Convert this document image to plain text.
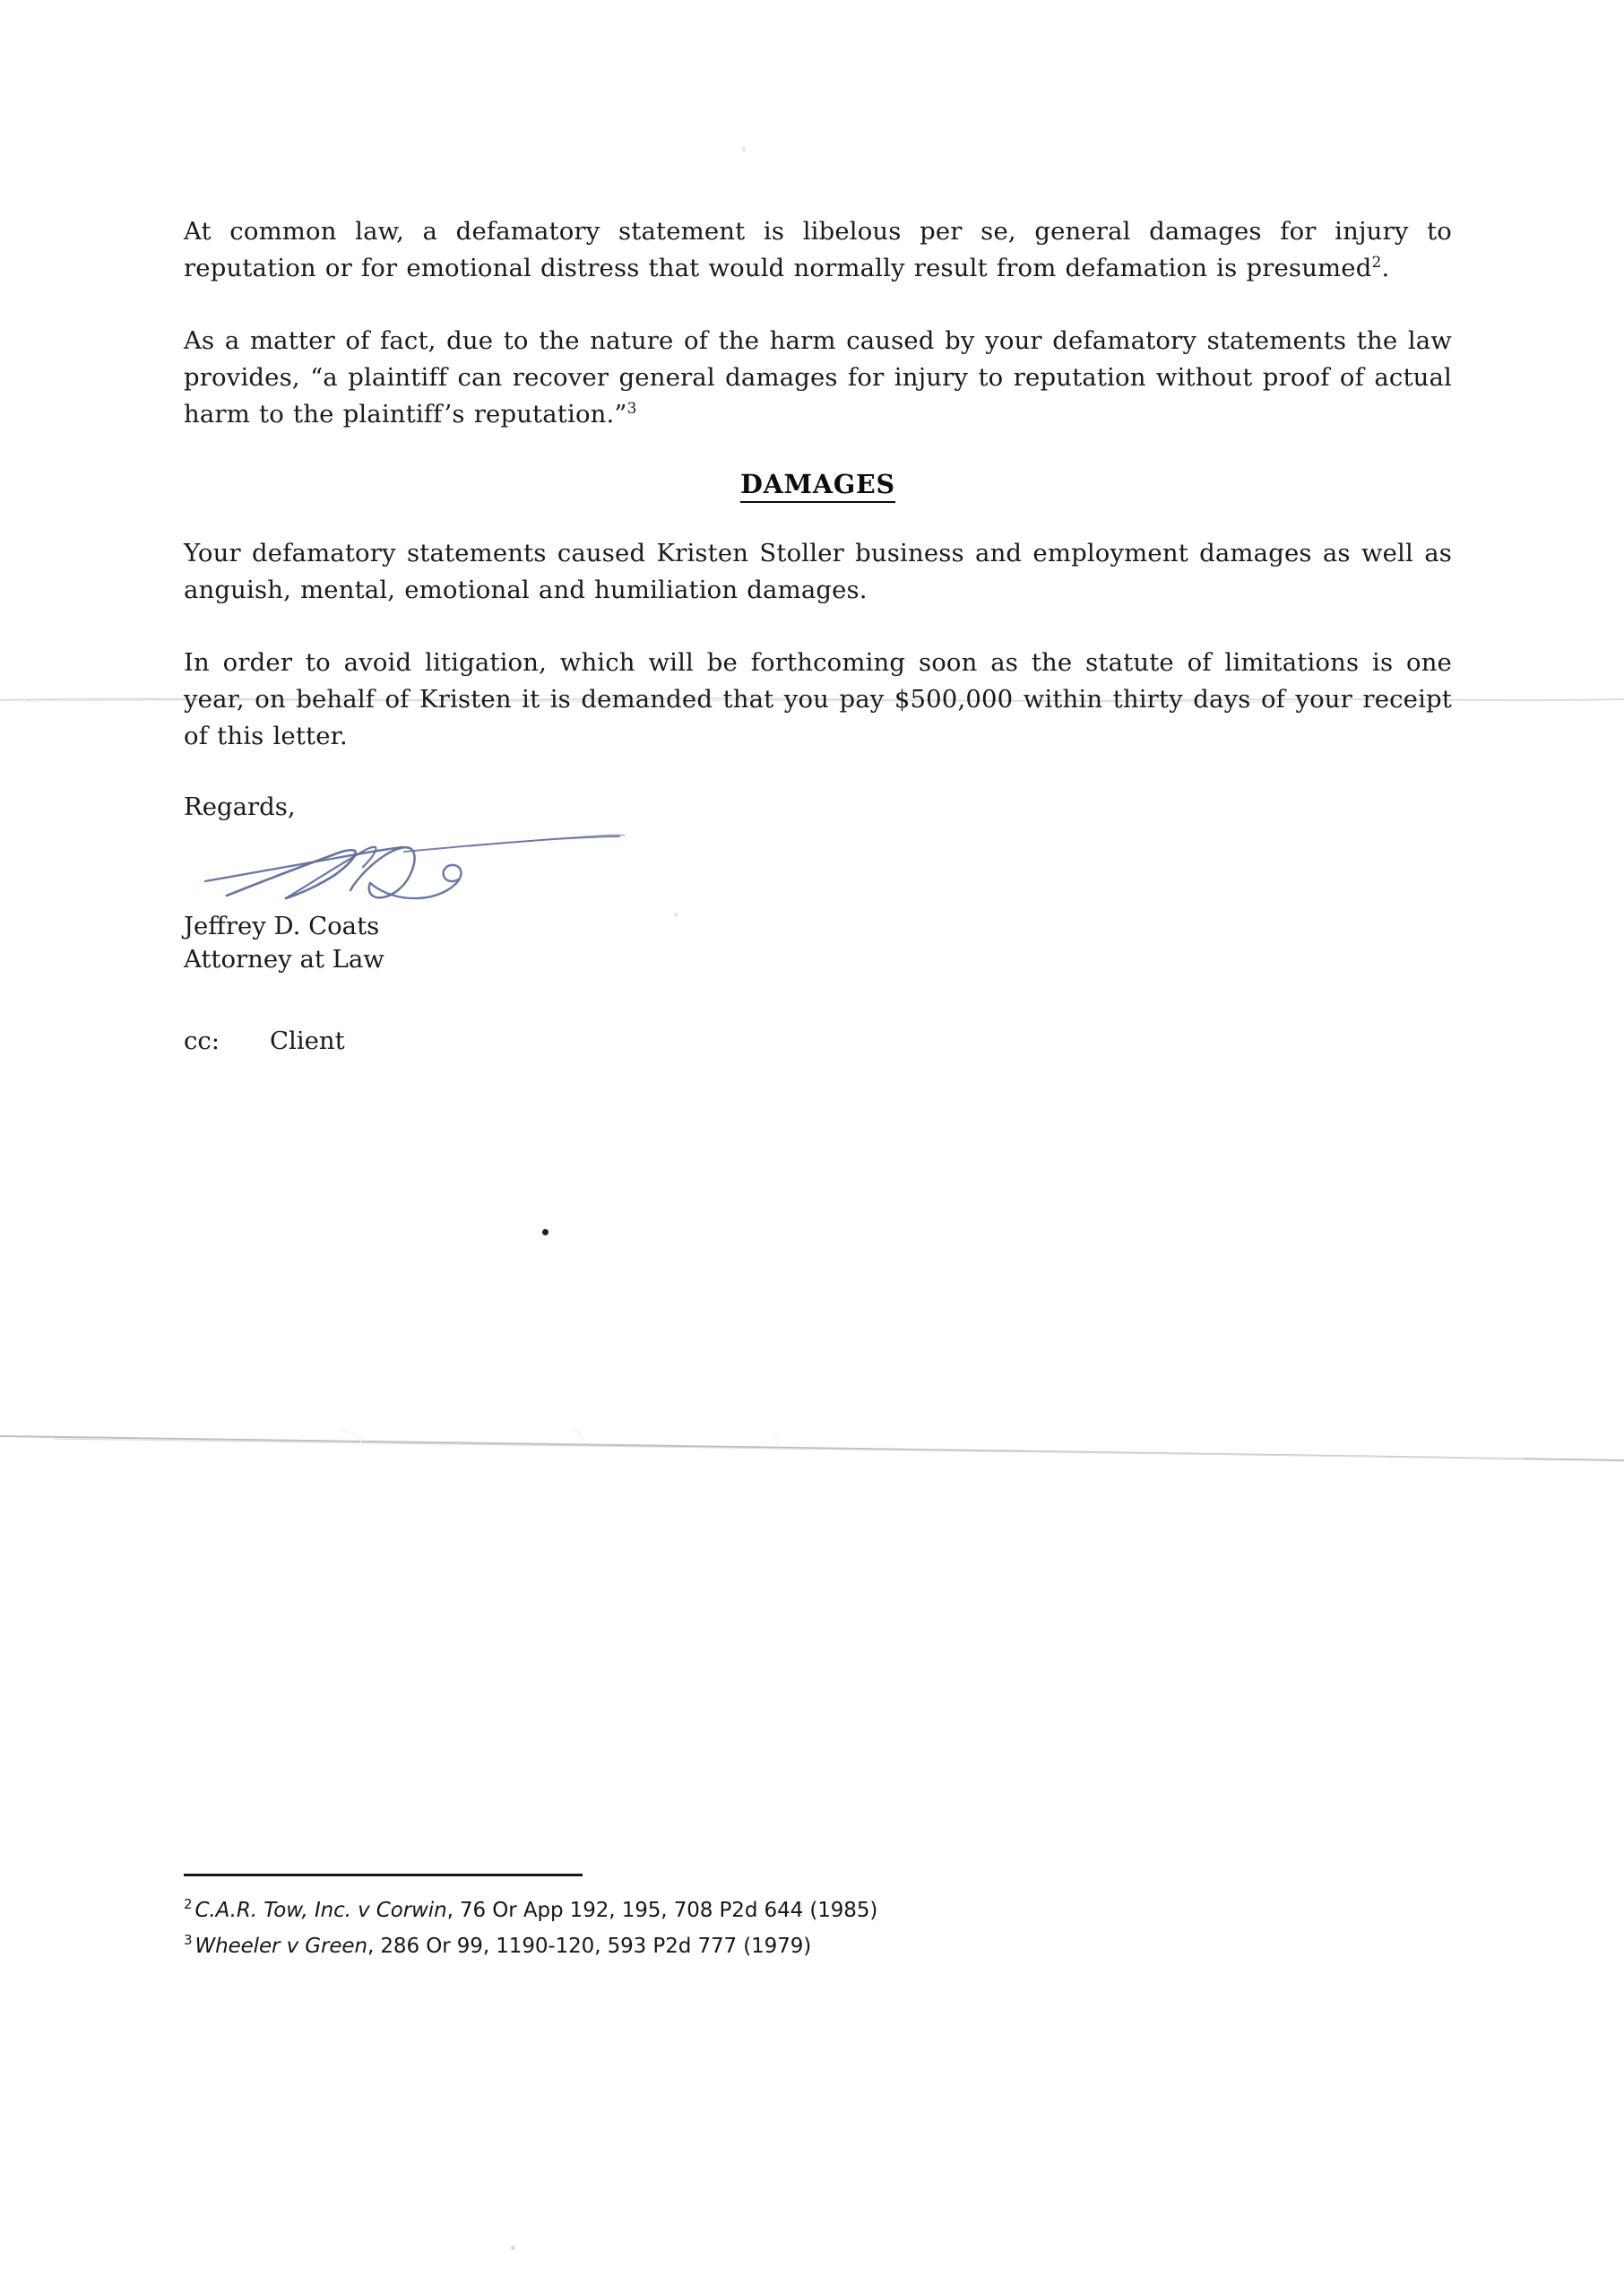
At common law, a defamatory statement is libelous per se, general damages for injury to reputation or for emotional distress that would normally result from defamation is presumed$^2$.

As a matter of fact, due to the nature of the harm caused by your defamatory statements the law provides, “a plaintiff can recover general damages for injury to reputation without proof of actual harm to the plaintiff’s reputation.”$^3$

DAMAGES

Your defamatory statements caused Kristen Stoller business and employment damages as well as anguish, mental, emotional and humiliation damages.

In order to avoid litigation, which will be forthcoming soon as the statute of limitations is one year, on behalf of Kristen it is demanded that you pay $500,000 within thirty days of your receipt of this letter.

Regards,

Jeffrey D. Coats

Attorney at Law

cc: Client

$^2$ C.A.R. Tow, Inc. v Corwin, 76 Or App 192, 195, 708 P2d 644 (1985)

$^3$ Wheeler v Green, 286 Or 99, 1190-120, 593 P2d 777 (1979)
